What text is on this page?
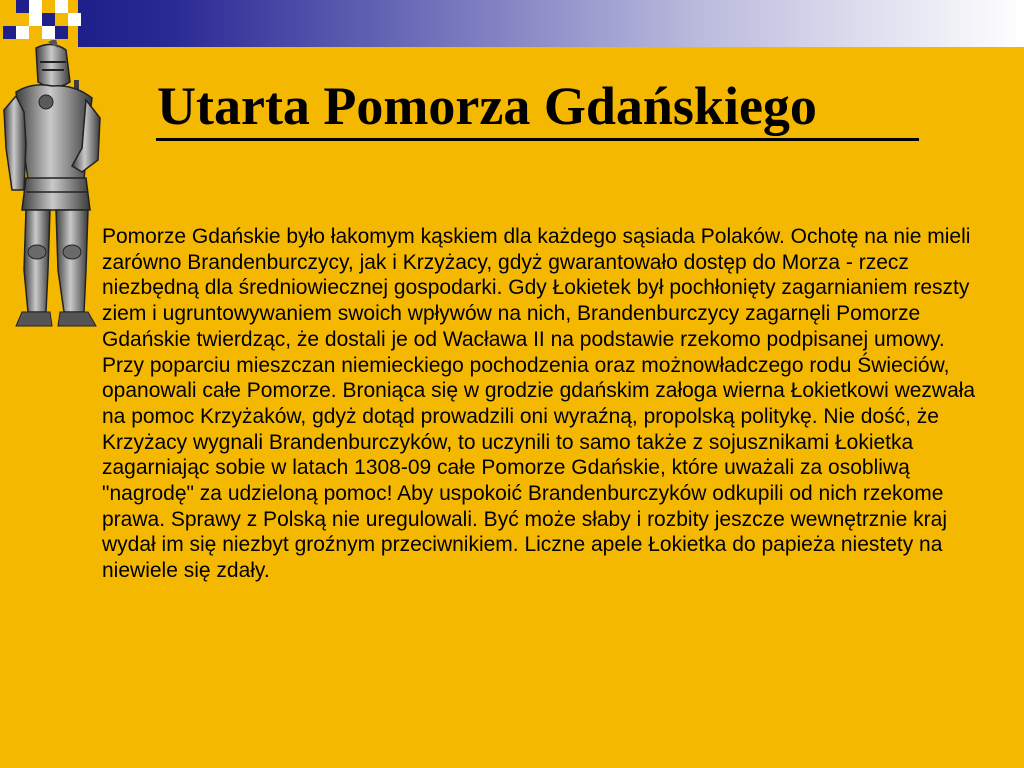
Utarta Pomorza Gdańskiego

Pomorze Gdańskie było łakomym kąskiem dla każdego sąsiada Polaków. Ochotę na nie mieli zarówno Brandenburczycy, jak i Krzyżacy, gdyż gwarantowało dostęp do Morza - rzecz niezbędną dla średniowiecznej gospodarki. Gdy Łokietek był pochłonięty zagarnianiem reszty ziem i ugruntowywaniem swoich wpływów na nich, Brandenburczycy zagarnęli Pomorze Gdańskie twierdząc, że dostali je od Wacława II na podstawie rzekomo podpisanej umowy. Przy poparciu mieszczan niemieckiego pochodzenia oraz możnowładczego rodu Świeciów, opanowali całe Pomorze. Broniąca się w grodzie gdańskim załoga wierna Łokietkowi wezwała na pomoc Krzyżaków, gdyż dotąd prowadzili oni wyraźną, propolską politykę. Nie dość, że Krzyżacy wygnali Brandenburczyków, to uczynili to samo także z sojusznikami Łokietka zagarniając sobie w latach 1308-09 całe Pomorze Gdańskie, które uważali za osobliwą "nagrodę" za udzieloną pomoc! Aby uspokoić Brandenburczyków odkupili od nich rzekome prawa. Sprawy z Polską nie uregulowali. Być może słaby i rozbity jeszcze wewnętrznie kraj wydał im się niezbyt groźnym przeciwnikiem. Liczne apele Łokietka do papieża niestety na niewiele się zdały.
